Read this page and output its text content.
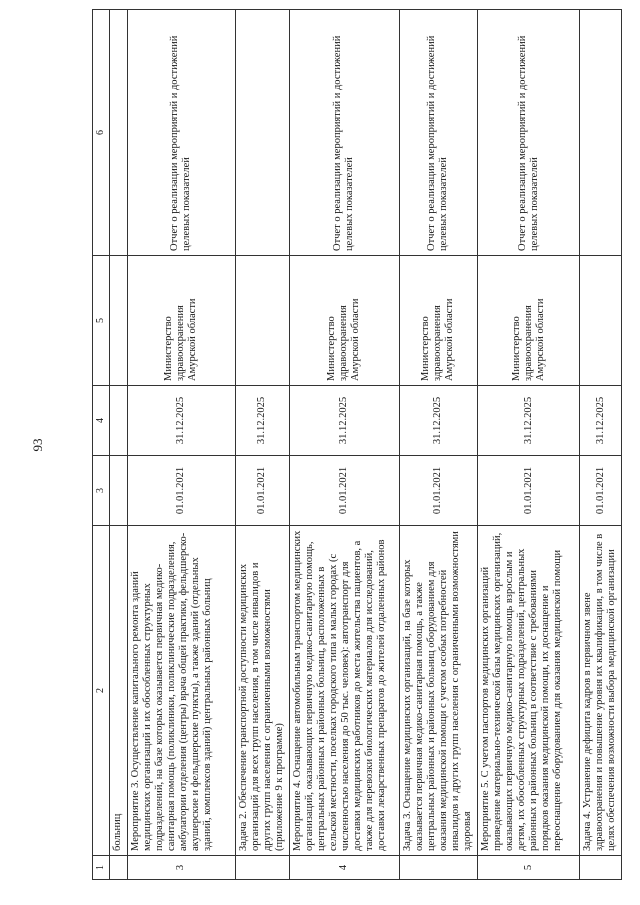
93
1	2	3	4	5	6
	больниц				
3	Мероприятие 3. Осуществление капитального ремонта зданий медицинских организаций и их обособленных структурных подразделений, на базе которых оказывается первичная медико-санитарная помощь (поликлиники, поликлинические подразделения, амбулатории отделения (центры) врача общей практики, фельдшерско-акушерские и фельдшерские пункты), а также зданий (отдельных зданий, комплексов зданий) центральных районных больниц	01.01.2021	31.12.2025	Министерство здравоохранения Амурской области	Отчет о реализации мероприятий и достижений целевых показателей
	Задача 2. Обеспечение транспортной доступности медицинских организаций для всех групп населения, в том числе инвалидов и других групп населения с ограниченными возможностями (приложение 9 к программе)	01.01.2021	31.12.2025		
4	Мероприятие 4. Оснащение автомобильным транспортом медицинских организаций, оказывающих первичную медико-санитарную помощь, центральных районных и районных больниц, расположенных в сельской местности, поселках городского типа и малых городах (с численностью населения до 50 тыс. человек): автотранспорт для доставки медицинских работников до места жительства пациентов, а также для перевозки биологических материалов для исследований, доставки лекарственных препаратов до жителей отдаленных районов	01.01.2021	31.12.2025	Министерство здравоохранения Амурской области	Отчет о реализации мероприятий и достижений целевых показателей
	Задача 3. Оснащение медицинских организаций, на базе которых оказывается первичная медико-санитарная помощь, а также центральных районных и районных больниц оборудованием для оказания медицинской помощи с учетом особых потребностей инвалидов и других групп населения с ограниченными возможностями здоровья	01.01.2021	31.12.2025	Министерство здравоохранения Амурской области	Отчет о реализации мероприятий и достижений целевых показателей
5	Мероприятие 5. С учетом паспортов медицинских организаций приведение материально-технической базы медицинских организаций, оказывающих первичную медико-санитарную помощь взрослым и детям, их обособленных структурных подразделений, центральных районных и районных больниц в соответствие с требованиями порядков оказания медицинской помощи, их доснащение и переоснащение оборудованием для оказания медицинской помощи	01.01.2021	31.12.2025	Министерство здравоохранения Амурской области	Отчет о реализации мероприятий и достижений целевых показателей
	Задача 4. Устранение дефицита кадров в первичном звене здравоохранения и повышение уровня их квалификации, в том числе в целях обеспечения возможности выбора медицинской организации	01.01.2021	31.12.2025		
